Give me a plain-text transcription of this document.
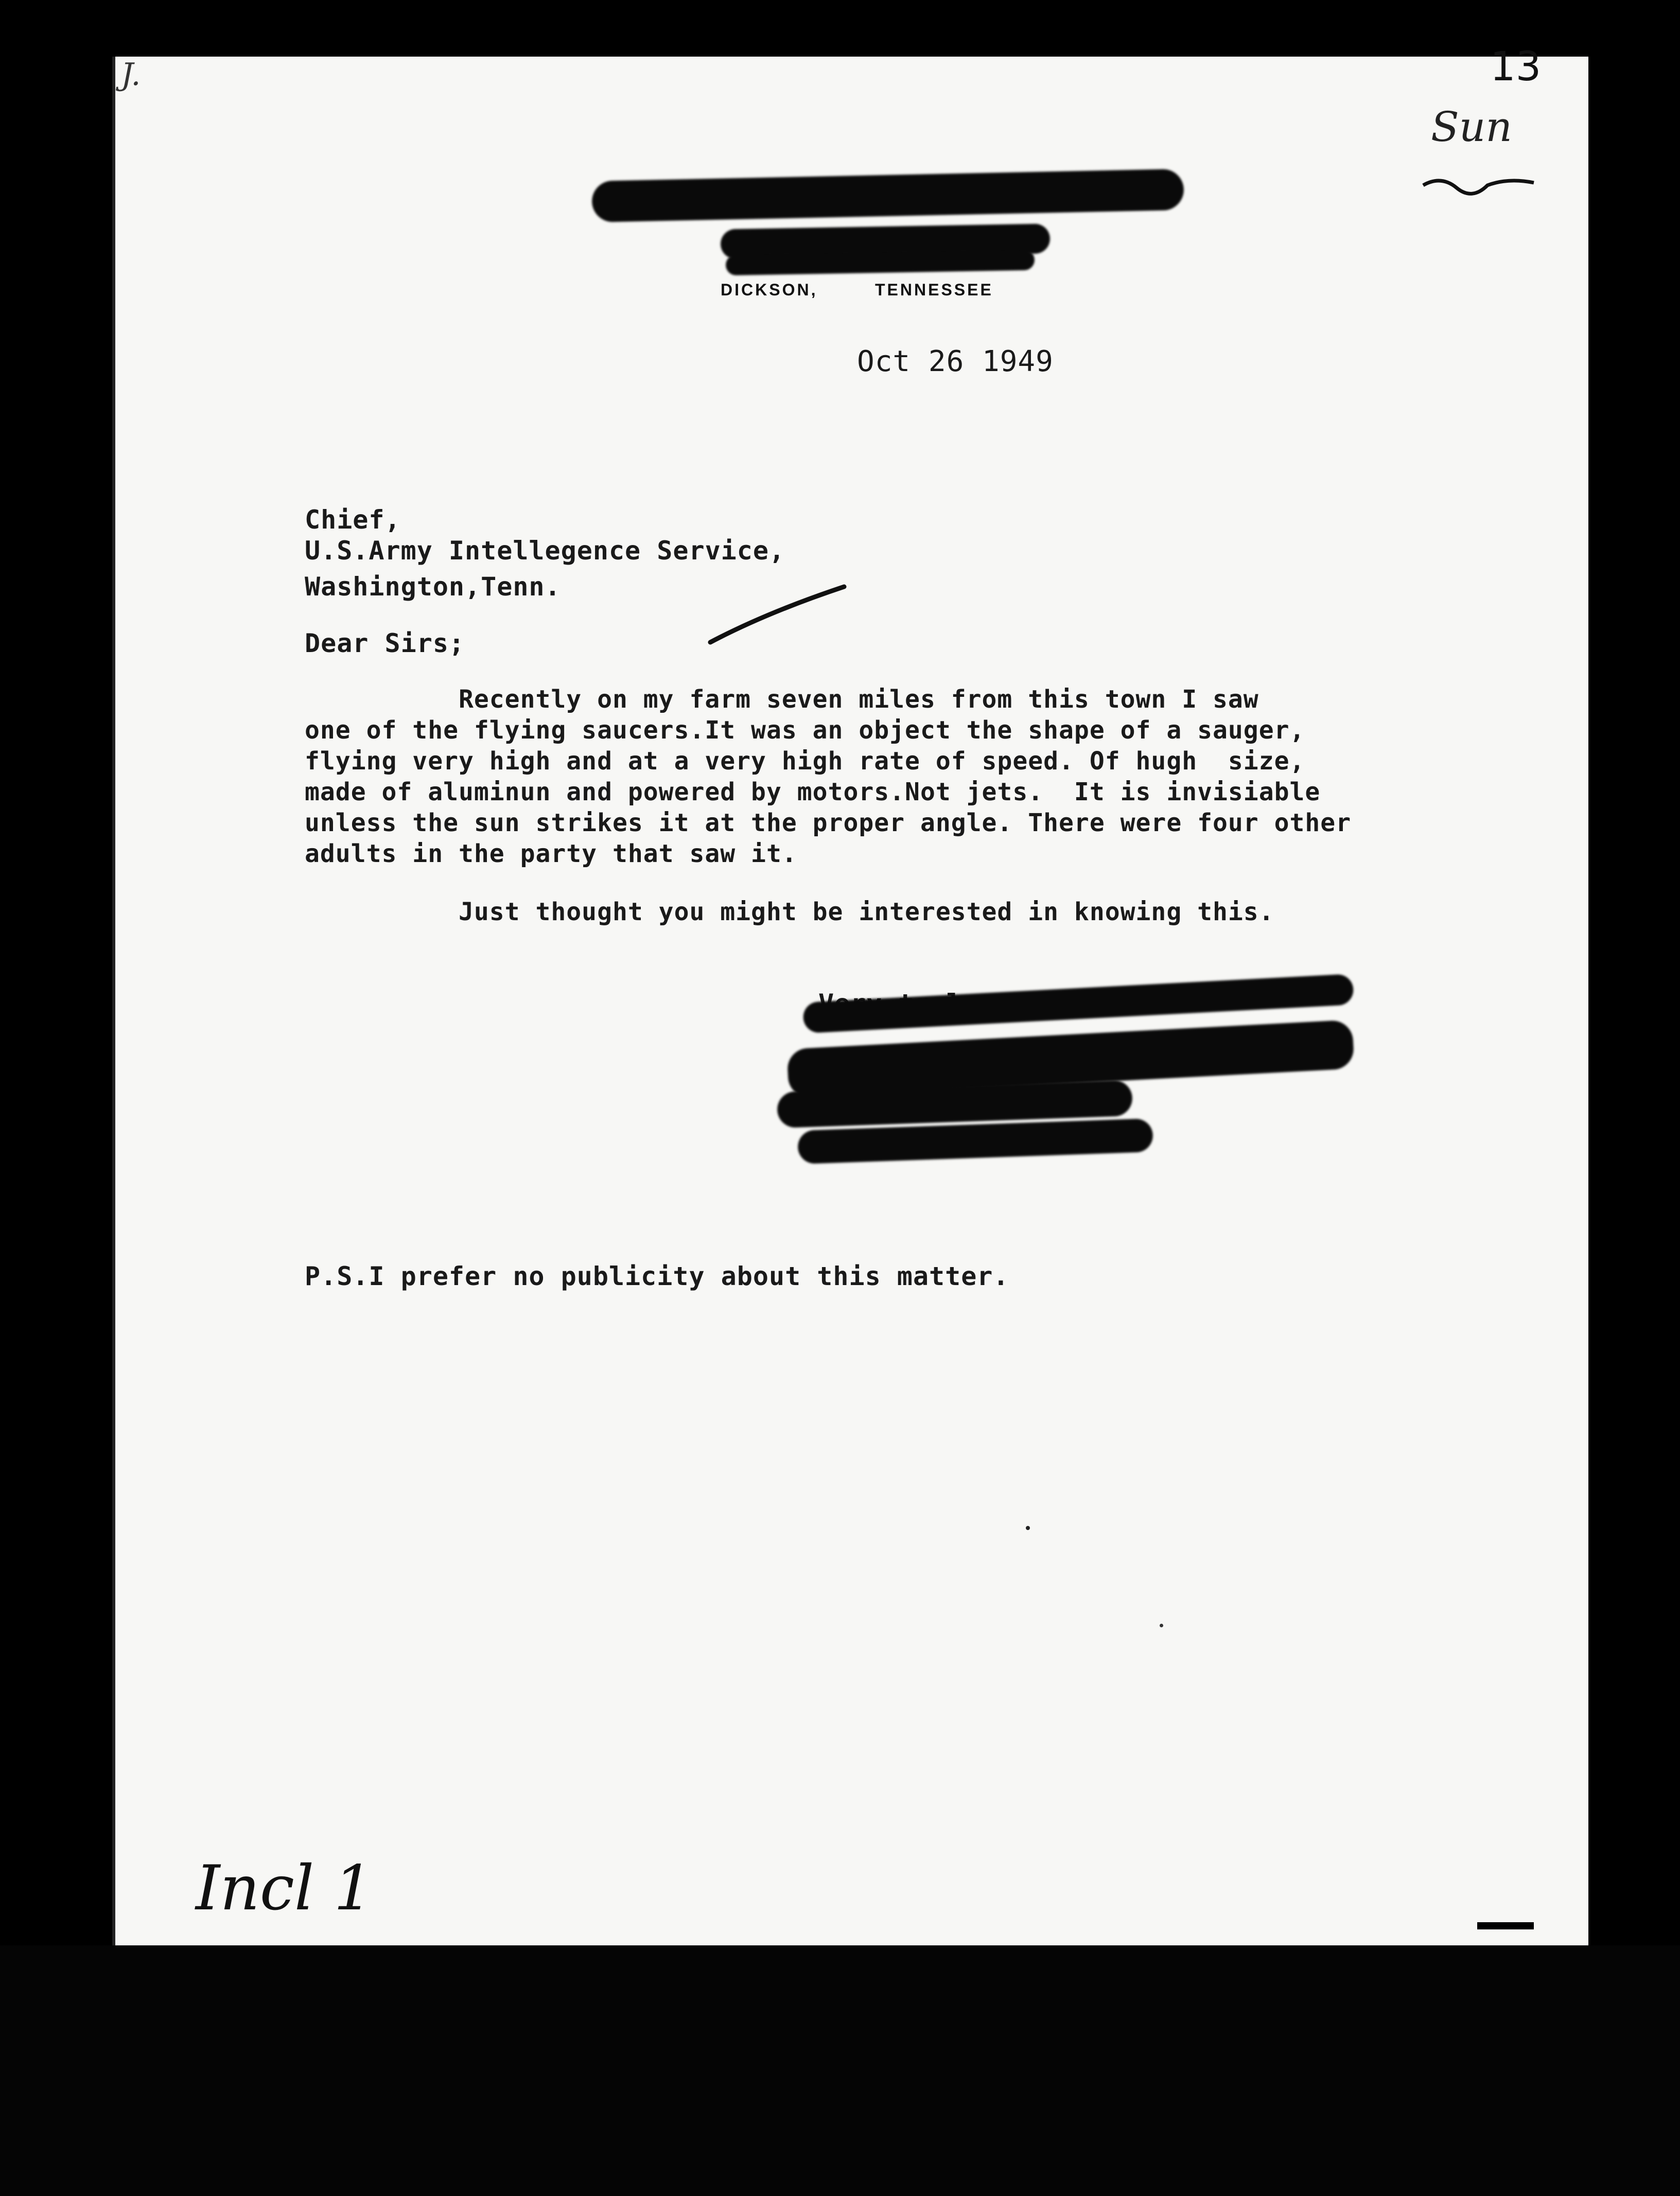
13
Sun
J.
DICKSON,	TENNESSEE
Oct 26 1949
Chief,
U.S.Army Intellegence Service,
Washington,Tenn.
Dear Sirs;
Recently on my farm seven miles from this town I saw
one of the flying saucers.It was an object the shape of a sauger,
flying very high and at a very high rate of speed. Of hugh  size,
made of aluminun and powered by motors.Not jets.  It is invisiable
unless the sun strikes it at the proper angle. There were four other
adults in the party that saw it.
Just thought you might be interested in knowing this.
P.S.I prefer no publicity about this matter.
Incl 1
